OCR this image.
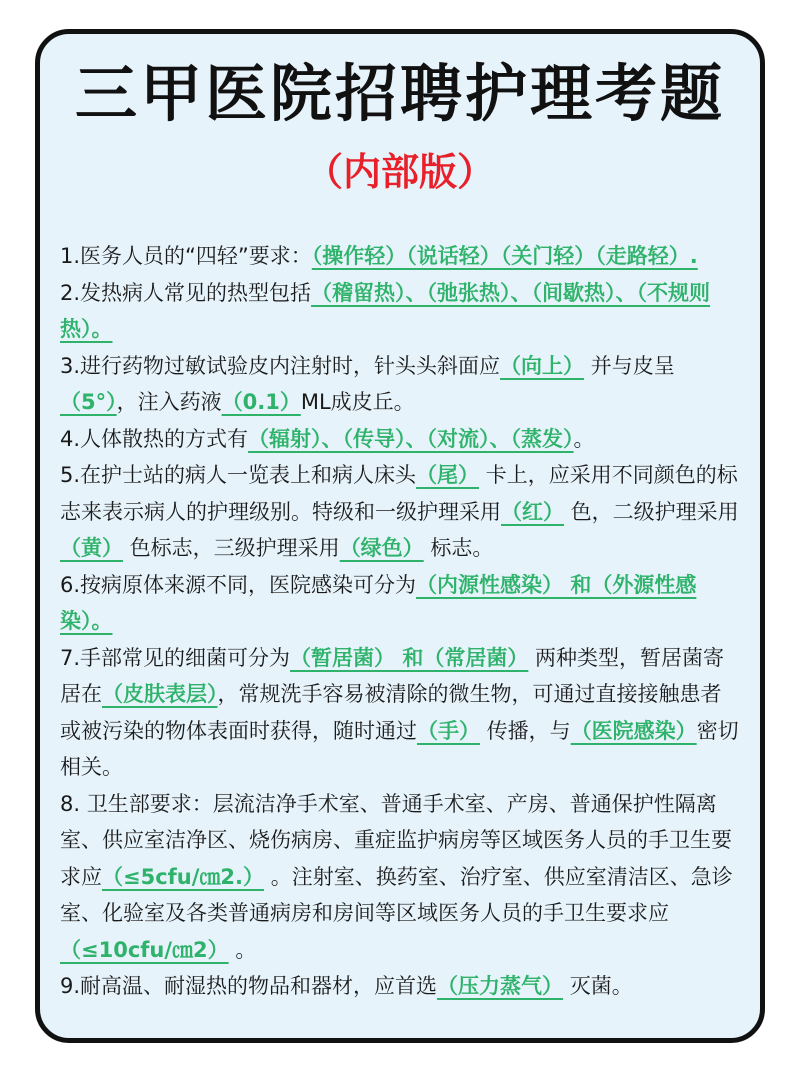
三甲医院招聘护理考题
（内部版）

1.医务人员的“四轻”要求：（操作轻）（说话轻）（关门轻）（走路轻）.

2.发热病人常见的热型包括（稽留热）、（弛张热）、（间歇热）、（不规则热）。

3.进行药物过敏试验皮内注射时，针头头斜面应（向上） 并与皮呈（5°），注入药液（0.1）ML成皮丘。

4.人体散热的方式有（辐射）、（传导）、（对流）、（蒸发）。

5.在护士站的病人一览表上和病人床头（尾） 卡上，应采用不同颜色的标志来表示病人的护理级别。特级和一级护理采用（红） 色，二级护理采用（黄） 色标志，三级护理采用（绿色） 标志。

6.按病原体来源不同，医院感染可分为（内源性感染） 和（外源性感染）。

7.手部常见的细菌可分为（暂居菌） 和（常居菌） 两种类型，暂居菌寄居在（皮肤表层），常规洗手容易被清除的微生物，可通过直接接触患者或被污染的物体表面时获得，随时通过（手） 传播，与（医院感染）密切相关。

8. 卫生部要求：层流洁净手术室、普通手术室、产房、普通保护性隔离室、供应室洁净区、烧伤病房、重症监护病房等区域医务人员的手卫生要求应（≤5cfu/㎝2.） 。注射室、换药室、治疗室、供应室清洁区、急诊室、化验室及各类普通病房和房间等区域医务人员的手卫生要求应（≤10cfu/㎝2） 。

9.耐高温、耐湿热的物品和器材，应首选（压力蒸气） 灭菌。
